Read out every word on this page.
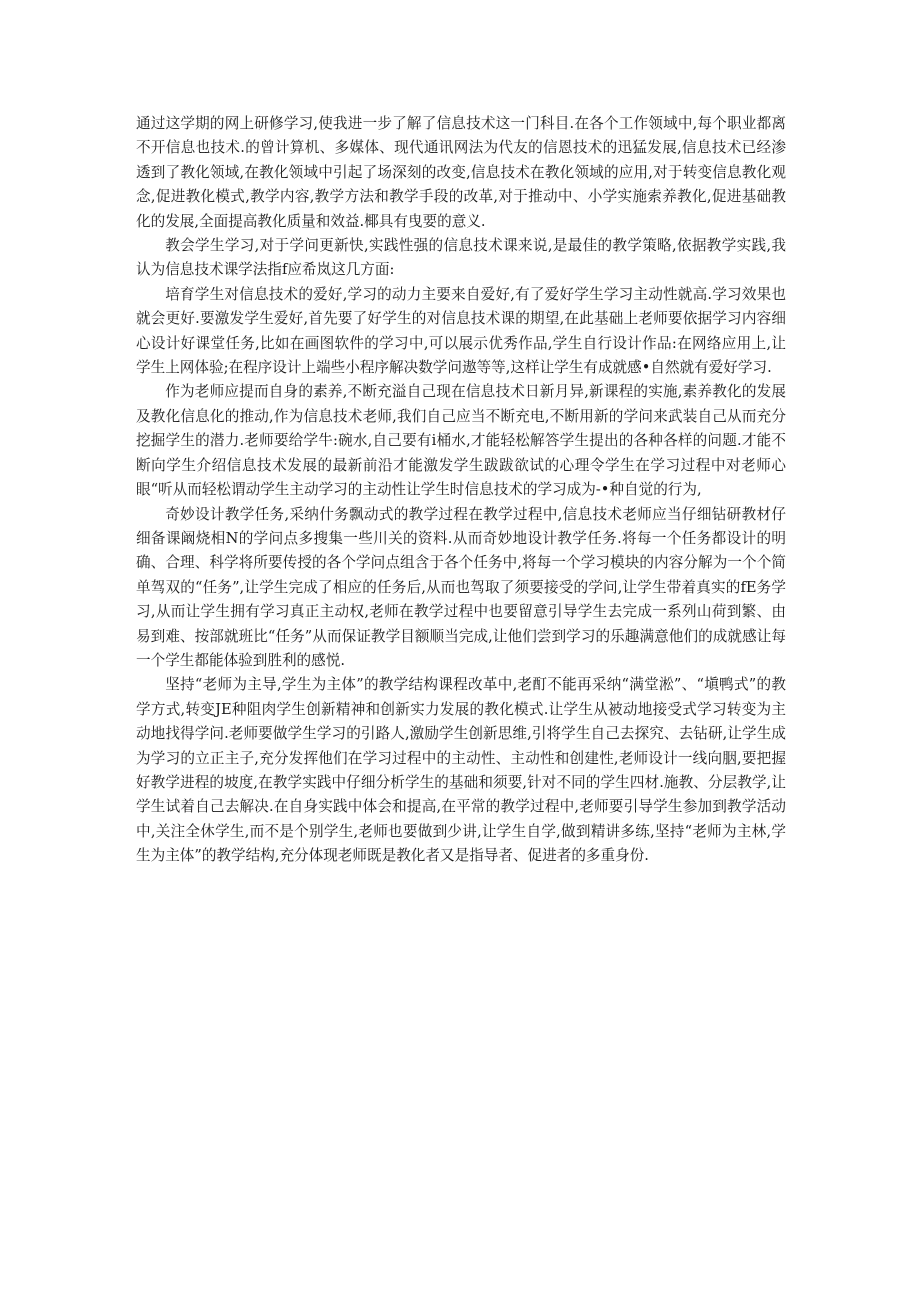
通过这学期的网上研修学习,使我进一步了解了信息技术这一门科目.在各个工作领域中,每个职业都离不开信息也技术.的曾计算机、多媒体、现代通讯网法为代友的信恩技术的迅猛发展,信息技术已经渗透到了教化领域,在教化领域中引起了场深刻的改变,信息技术在教化领域的应用,对于转变信息教化观念,促进教化模式,教学内容,教学方法和教学手段的改革,对于推动中、小学实施索养教化,促进基础教化的发展,全面提高教化质量和效益.椰具有曳要的意义.

教会学生学习,对于学问更新快,实践性强的信息技术课来说,是最佳的教学策略,依据教学实践,我认为信息技术课学法指f应希岚这几方面:

培育学生对信息技术的爱好,学习的动力主要来自爱好,有了爱好学生学习主动性就高.学习效果也就会更好.要激发学生爱好,首先要了好学生的对信息技术课的期望,在此基础上老师要依据学习内容细心设计好课堂任务,比如在画图软件的学习中,可以展示优秀作品,学生自行设计作品:在网络应用上,让学生上网体验;在程序设计上端些小程序解决数学问遨等等,这样让学生有成就感•自然就有爱好学习.

作为老师应提而自身的素养,不断充溢自己现在信息技术日新月异,新课程的实施,素养教化的发展及教化信息化的推动,作为信息技术老师,我们自己应当不断充电,不断用新的学问来武装自己从而充分挖掘学生的潜力.老师要给学牛:碗水,自己要有i桶水,才能轻松解答学生提出的各种各样的问题.才能不断向学生介绍信息技术发展的最新前沿才能激发学生跋跋欲试的心理令学生在学习过程中对老师心眼“听从而轻松谓动学生主动学习的主动性让学生时信息技术的学习成为-•种自觉的行为,

奇妙设计教学任务,采纳什务飘动式的教学过程在教学过程中,信息技术老师应当仔细钻研教材仔细备课阚烧相N的学问点多搜集一些川关的资料.从而奇妙地设计教学任务.将每一个任务都设计的明确、合理、科学将所要传授的各个学问点组含于各个任务中,将每一个学习模块的内容分解为一个个简单驾双的“任务”,让学生完成了相应的任务后,从而也驾取了须要接受的学问,让学生带着真实的fE务学习,从而让学生拥有学习真正主动权,老师在教学过程中也要留意引导学生去完成一系列山荷到繁、由易到难、按部就班比“任务”从而保证教学目额顺当完成,让他们尝到学习的乐趣满意他们的成就感让每一个学生都能体验到胜利的感悦.

坚持“老师为主导,学生为主体”的教学结构课程改革中,老酊不能再采纳“满堂淞”、“塡鸭式”的教学方式,转变JE种阻肉学生创新精神和创新实力发展的教化模式.让学生从被动地接受式学习转变为主动地找得学问.老师要做学生学习的引路人,激励学生创新思维,引将学生自己去探究、去钻研,让学生成为学习的立正主子,充分发挥他们在学习过程中的主动性、主动性和创建性,老师设计一线向胭,要把握好教学进程的坡度,在教学实践中仔细分析学生的基础和须要,针对不同的学生四材.施教、分层教学,让学生试着自己去解决.在自身实践中体会和提高,在平常的教学过程中,老师要引导学生参加到教学活动中,关注全休学生,而不是个别学生,老师也要做到少讲,让学生自学,做到精讲多练,坚持“老师为主林,学生为主体”的教学结构,充分体现老师既是教化者又是指导者、促进者的多重身份.
